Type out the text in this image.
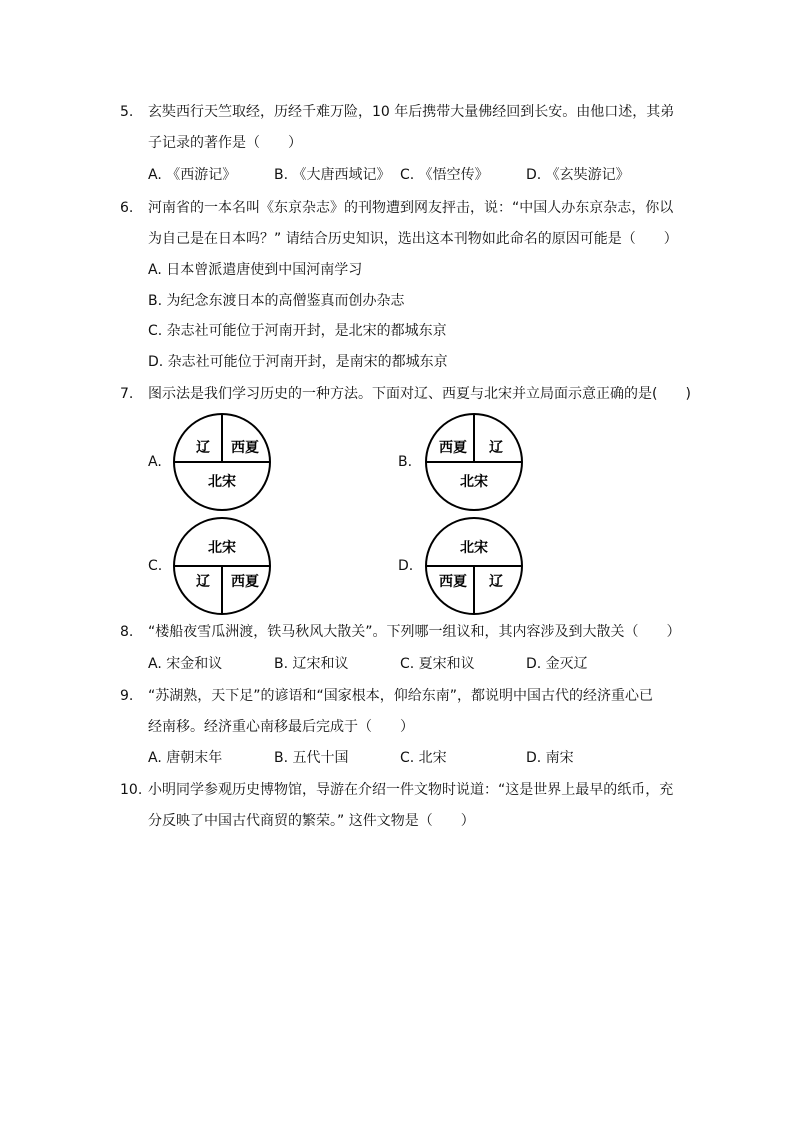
5. 玄奘西行天竺取经，历经千难万险，10 年后携带大量佛经回到长安。由他口述，其弟
子记录的著作是（　　）
A. 《西游记》	B. 《大唐西域记》 C. 《悟空传》	D. 《玄奘游记》
6. 河南省的一本名叫《东京杂志》的刊物遭到网友抨击，说：“中国人办东京杂志，你以
为自己是在日本吗？” 请结合历史知识，选出这本刊物如此命名的原因可能是（　　）
A. 日本曾派遣唐使到中国河南学习
B. 为纪念东渡日本的高僧鉴真而创办杂志
C. 杂志社可能位于河南开封，是北宋的都城东京
D. 杂志社可能位于河南开封，是南宋的都城东京
7. 图示法是我们学习历史的一种方法。下面对辽、西夏与北宋并立局面示意正确的是(　　)
A.
辽 西夏
北宋
B.
西夏 辽
北宋
C.
北宋
辽 西夏
D.
北宋
西夏 辽
8. “楼船夜雪瓜洲渡，铁马秋风大散关”。下列哪一组议和，其内容涉及到大散关（　　）
A. 宋金和议	B. 辽宋和议	C. 夏宋和议	D. 金灭辽
9. “苏湖熟，天下足”的谚语和“国家根本，仰给东南”，都说明中国古代的经济重心已
经南移。经济重心南移最后完成于（　　）
A. 唐朝末年	B. 五代十国	C. 北宋	D. 南宋
10. 小明同学参观历史博物馆，导游在介绍一件文物时说道：“这是世界上最早的纸币，充
分反映了中国古代商贸的繁荣。” 这件文物是（　　）
